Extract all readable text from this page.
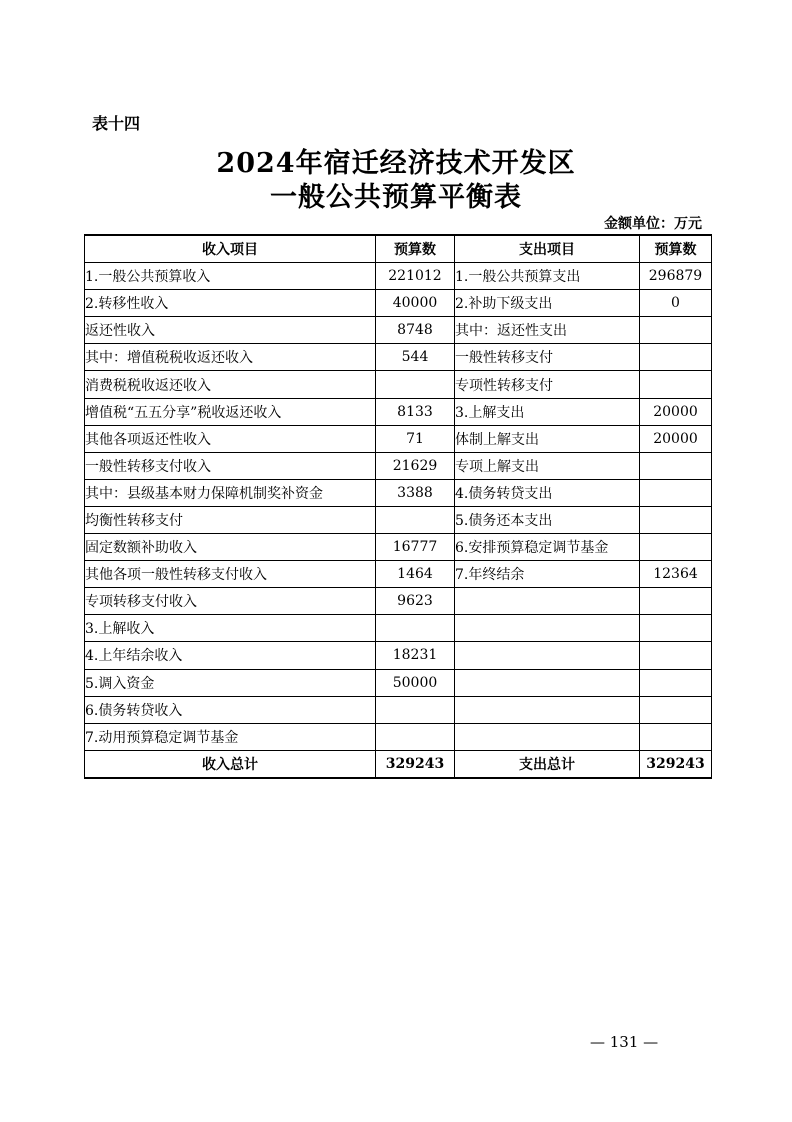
表十四
2024年宿迁经济技术开发区
一般公共预算平衡表
金额单位：万元
收入项目	预算数	支出项目	预算数
1.一般公共预算收入	221012	1.一般公共预算支出	296879
2.转移性收入	40000	2.补助下级支出	0
返还性收入	8748	其中：返还性支出	
其中：增值税税收返还收入	544	一般性转移支付	
消费税税收返还收入		专项性转移支付	
增值税“五五分享”税收返还收入	8133	3.上解支出	20000
其他各项返还性收入	71	体制上解支出	20000
一般性转移支付收入	21629	专项上解支出	
其中：县级基本财力保障机制奖补资金	3388	4.债务转贷支出	
均衡性转移支付		5.债务还本支出	
固定数额补助收入	16777	6.安排预算稳定调节基金	
其他各项一般性转移支付收入	1464	7.年终结余	12364
专项转移支付收入	9623		
3.上解收入			
4.上年结余收入	18231		
5.调入资金	50000		
6.债务转贷收入			
7.动用预算稳定调节基金			
收入总计	329243	支出总计	329243
— 131 —
